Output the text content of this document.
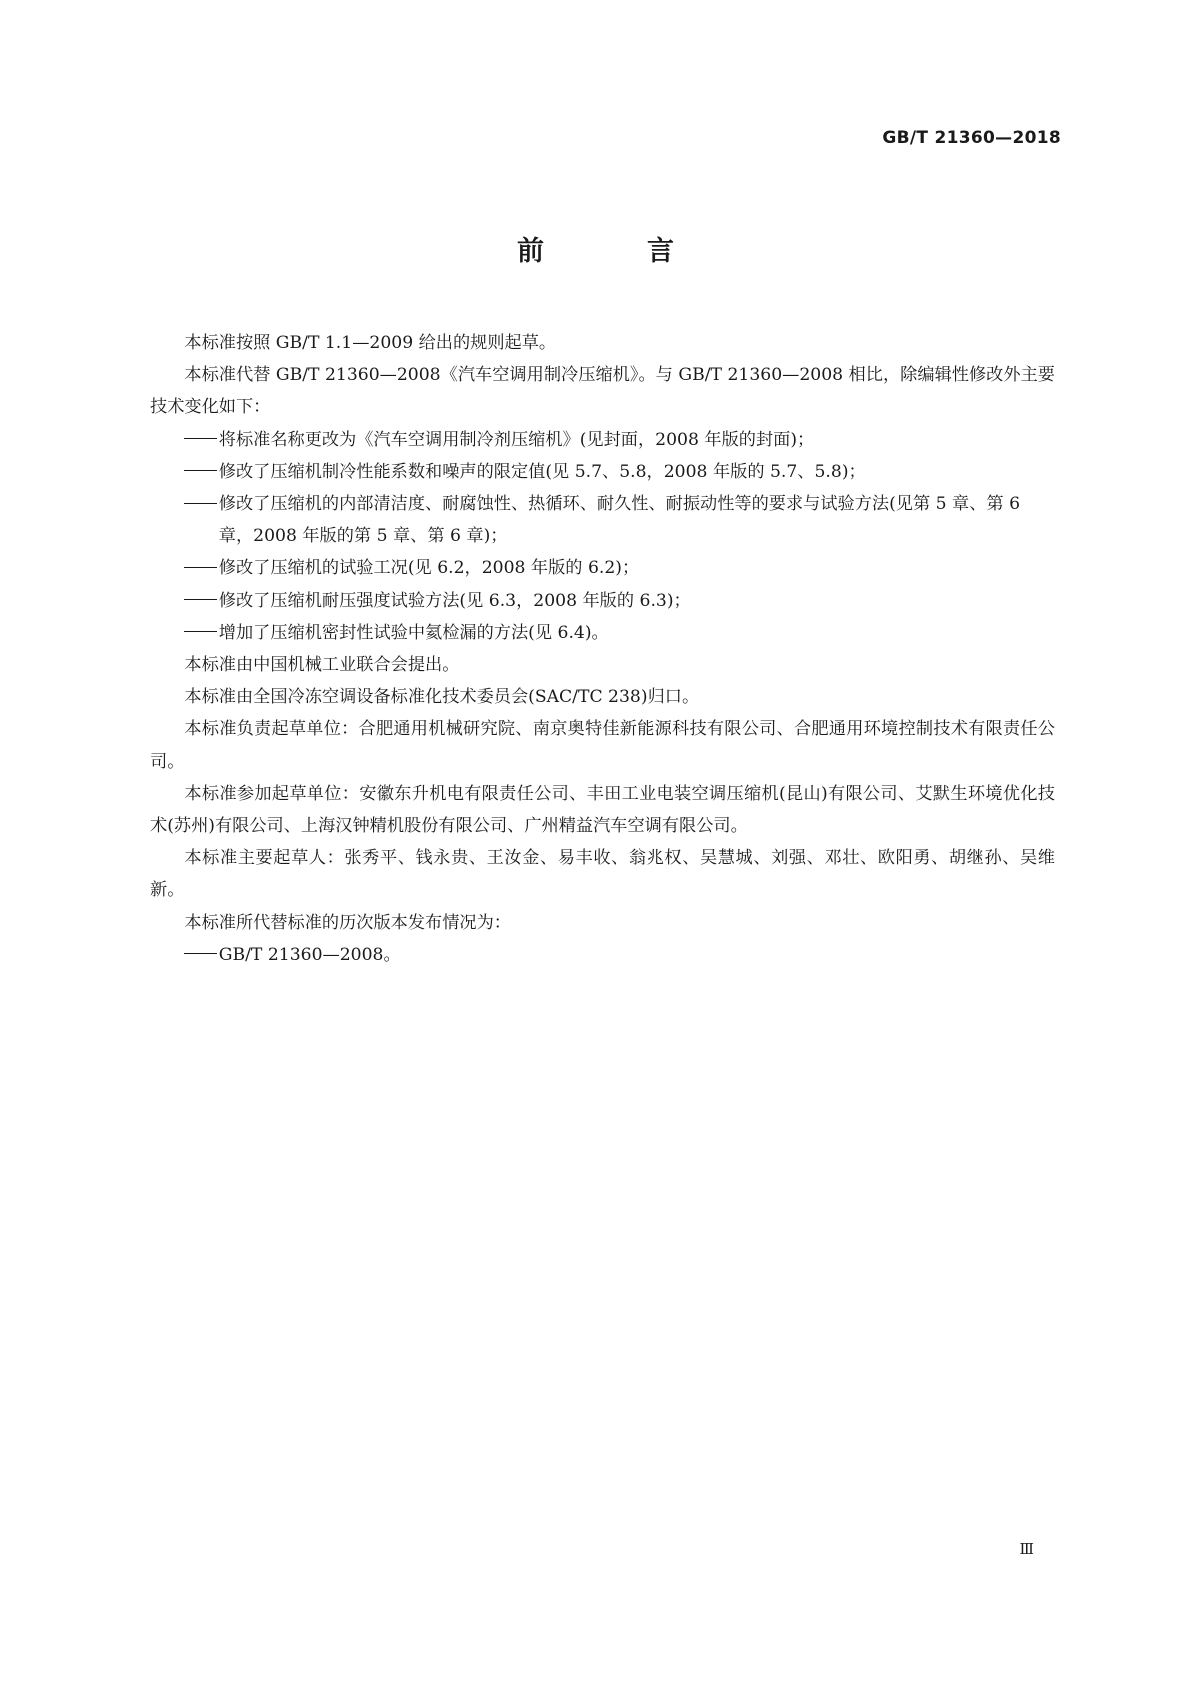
GB/T 21360—2018
前　言

本标准按照 GB/T 1.1—2009 给出的规则起草。

本标准代替 GB/T 21360—2008《汽车空调用制冷压缩机》。与 GB/T 21360—2008 相比，除编辑性修改外主要技术变化如下：

将标准名称更改为《汽车空调用制冷剂压缩机》(见封面，2008 年版的封面)；

修改了压缩机制冷性能系数和噪声的限定值(见 5.7、5.8，2008 年版的 5.7、5.8)；

修改了压缩机的内部清洁度、耐腐蚀性、热循环、耐久性、耐振动性等的要求与试验方法(见第 5 章、第 6 章，2008 年版的第 5 章、第 6 章)；

修改了压缩机的试验工况(见 6.2，2008 年版的 6.2)；

修改了压缩机耐压强度试验方法(见 6.3，2008 年版的 6.3)；

增加了压缩机密封性试验中氦检漏的方法(见 6.4)。

本标准由中国机械工业联合会提出。

本标准由全国冷冻空调设备标准化技术委员会(SAC/TC 238)归口。

本标准负责起草单位：合肥通用机械研究院、南京奥特佳新能源科技有限公司、合肥通用环境控制技术有限责任公司。

本标准参加起草单位：安徽东升机电有限责任公司、丰田工业电装空调压缩机(昆山)有限公司、艾默生环境优化技术(苏州)有限公司、上海汉钟精机股份有限公司、广州精益汽车空调有限公司。

本标准主要起草人：张秀平、钱永贵、王汝金、易丰收、翁兆权、吴慧城、刘强、邓壮、欧阳勇、胡继孙、吴维新。

本标准所代替标准的历次版本发布情况为：

GB/T 21360—2008。

Ⅲ
